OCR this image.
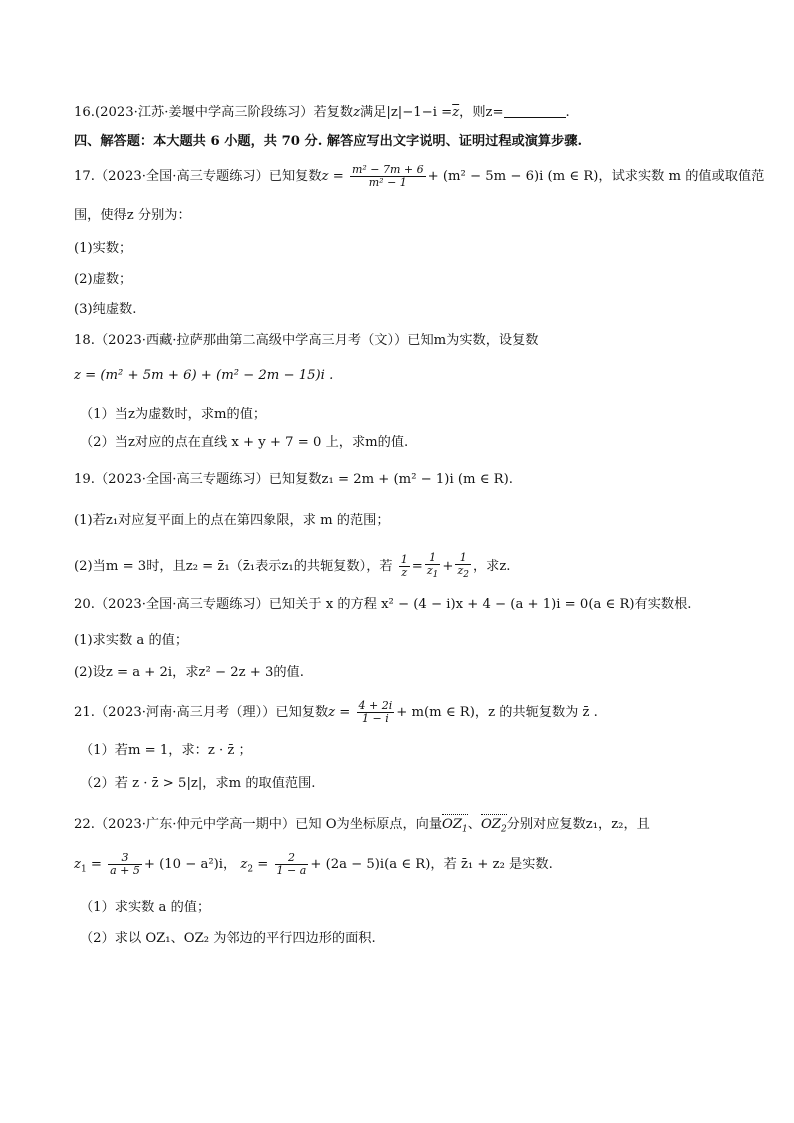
16.(2023·江苏·姜堰中学高三阶段练习）若复数z满足$|z|-1-i =\overline{z}$，则z=	.
四、解答题：本大题共 6 小题，共 70 分. 解答应写出文字说明、证明过程或演算步骤.
17.（2023·全国·高三专题练习）已知复数$z = \frac{\text{m² − 7m + 6}}{\text{m² − 1}} + (m^2 - 5m - 6)i$ (m ∈ R)，试求实数 m 的值或取值范
围，使得z 分别为：
(1)实数；
(2)虚数；
(3)纯虚数.
18.（2023·西藏·拉萨那曲第二高级中学高三月考（文））已知m为实数，设复数
z = (m² + 5m + 6) + (m² − 2m − 15)i .
（1）当z为虚数时，求m的值；
（2）当z对应的点在直线 x + y + 7 = 0 上，求m的值.
19.（2023·全国·高三专题练习）已知复数z₁ = 2m + (m² − 1)i (m ∈ R).
(1)若z₁对应复平面上的点在第四象限，求 m 的范围；
(2)当m = 3时，且z₂ = z̄₁（z̄₁表示z₁的共轭复数），若 $\frac{1}{z} = \frac{1}{z_1} + \frac{1}{z_2}$ ，求z.
20.（2023·全国·高三专题练习）已知关于 x 的方程 x² − (4 − i)x + 4 − (a + 1)i = 0(a ∈ R)有实数根.
(1)求实数 a 的值；
(2)设z = a + 2i，求z² − 2z + 3的值.
21.（2023·河南·高三月考（理））已知复数$z = \frac{4 + 2i}{1 - i} + m(m$ ∈ R)，z 的共轭复数为 z̄ .
（1）若m = 1，求：z · z̄ ；
（2）若 z · z̄ > 5|z|，求m 的取值范围.
22.（2023·广东·仲元中学高一期中）已知 O为坐标原点，向量$OZ_1$、$OZ_2$分别对应复数z₁，z₂，且
$z_1 = \frac{3}{a + 5} + (10 - a^2)i$， $z_2 = \frac{2}{1 - a} + (2a - 5)i(a$ ∈ R)，若 z̄₁ + z₂ 是实数.
（1）求实数 a 的值；
（2）求以 OZ₁、OZ₂ 为邻边的平行四边形的面积.
